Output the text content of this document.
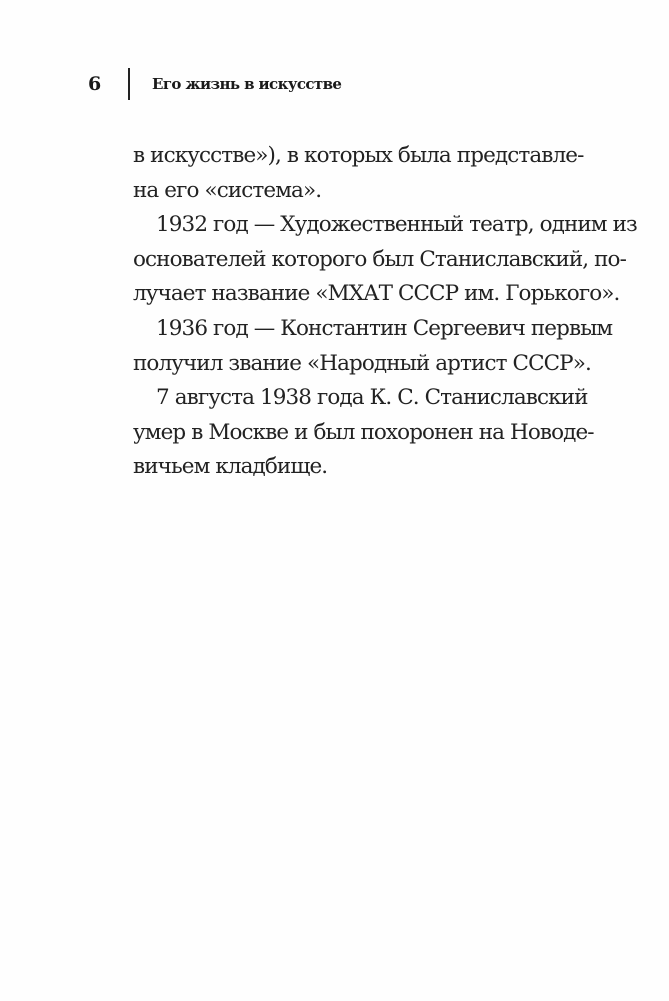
6	Его жизнь в искусстве
в искусстве»), в которых была представле-
на его «система».
1932 год — Художественный театр, одним из
основателей которого был Станиславский, по-
лучает название «МХАТ СССР им. Горького».
1936 год — Константин Сергеевич первым
получил звание «Народный артист СССР».
7 августа 1938 года К. С. Станиславский
умер в Москве и был похоронен на Новоде-
вичьем кладбище.
